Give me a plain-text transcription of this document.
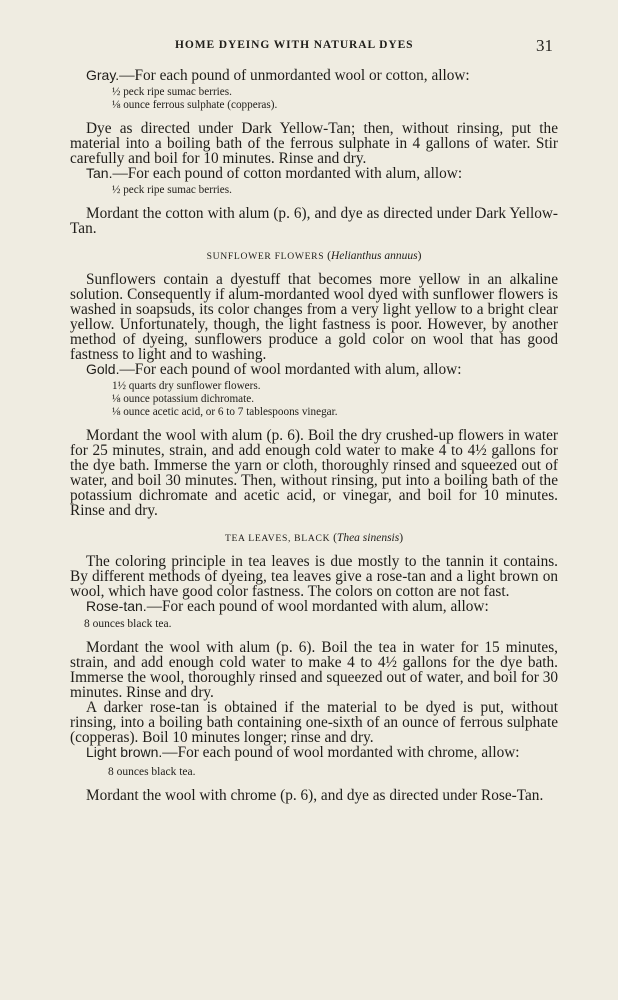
HOME DYEING WITH NATURAL DYES	31

Gray.—For each pound of unmordanted wool or cotton, allow:

½ peck ripe sumac berries.
⅛ ounce ferrous sulphate (copperas).

Dye as directed under Dark Yellow-Tan; then, without rinsing, put the material into a boiling bath of the ferrous sulphate in 4 gallons of water. Stir carefully and boil for 10 minutes. Rinse and dry.

Tan.—For each pound of cotton mordanted with alum, allow:

½ peck ripe sumac berries.

Mordant the cotton with alum (p. 6), and dye as directed under Dark Yellow-Tan.

SUNFLOWER FLOWERS (Helianthus annuus)

Sunflowers contain a dyestuff that becomes more yellow in an alkaline solution. Consequently if alum-mordanted wool dyed with sunflower flowers is washed in soapsuds, its color changes from a very light yellow to a bright clear yellow. Unfortunately, though, the light fastness is poor. However, by another method of dyeing, sunflowers produce a gold color on wool that has good fastness to light and to washing.

Gold.—For each pound of wool mordanted with alum, allow:

1½ quarts dry sunflower flowers.
⅛ ounce potassium dichromate.
⅛ ounce acetic acid, or 6 to 7 tablespoons vinegar.

Mordant the wool with alum (p. 6). Boil the dry crushed-up flowers in water for 25 minutes, strain, and add enough cold water to make 4 to 4½ gallons for the dye bath. Immerse the yarn or cloth, thoroughly rinsed and squeezed out of water, and boil 30 minutes. Then, without rinsing, put into a boiling bath of the potassium dichromate and acetic acid, or vinegar, and boil for 10 minutes. Rinse and dry.

TEA LEAVES, BLACK (Thea sinensis)

The coloring principle in tea leaves is due mostly to the tannin it contains. By different methods of dyeing, tea leaves give a rose-tan and a light brown on wool, which have good color fastness. The colors on cotton are not fast.

Rose-tan.—For each pound of wool mordanted with alum, allow:

8 ounces black tea.

Mordant the wool with alum (p. 6). Boil the tea in water for 15 minutes, strain, and add enough cold water to make 4 to 4½ gallons for the dye bath. Immerse the wool, thoroughly rinsed and squeezed out of water, and boil for 30 minutes. Rinse and dry.

A darker rose-tan is obtained if the material to be dyed is put, without rinsing, into a boiling bath containing one-sixth of an ounce of ferrous sulphate (copperas). Boil 10 minutes longer; rinse and dry.

Light brown.—For each pound of wool mordanted with chrome, allow:

8 ounces black tea.

Mordant the wool with chrome (p. 6), and dye as directed under Rose-Tan.
